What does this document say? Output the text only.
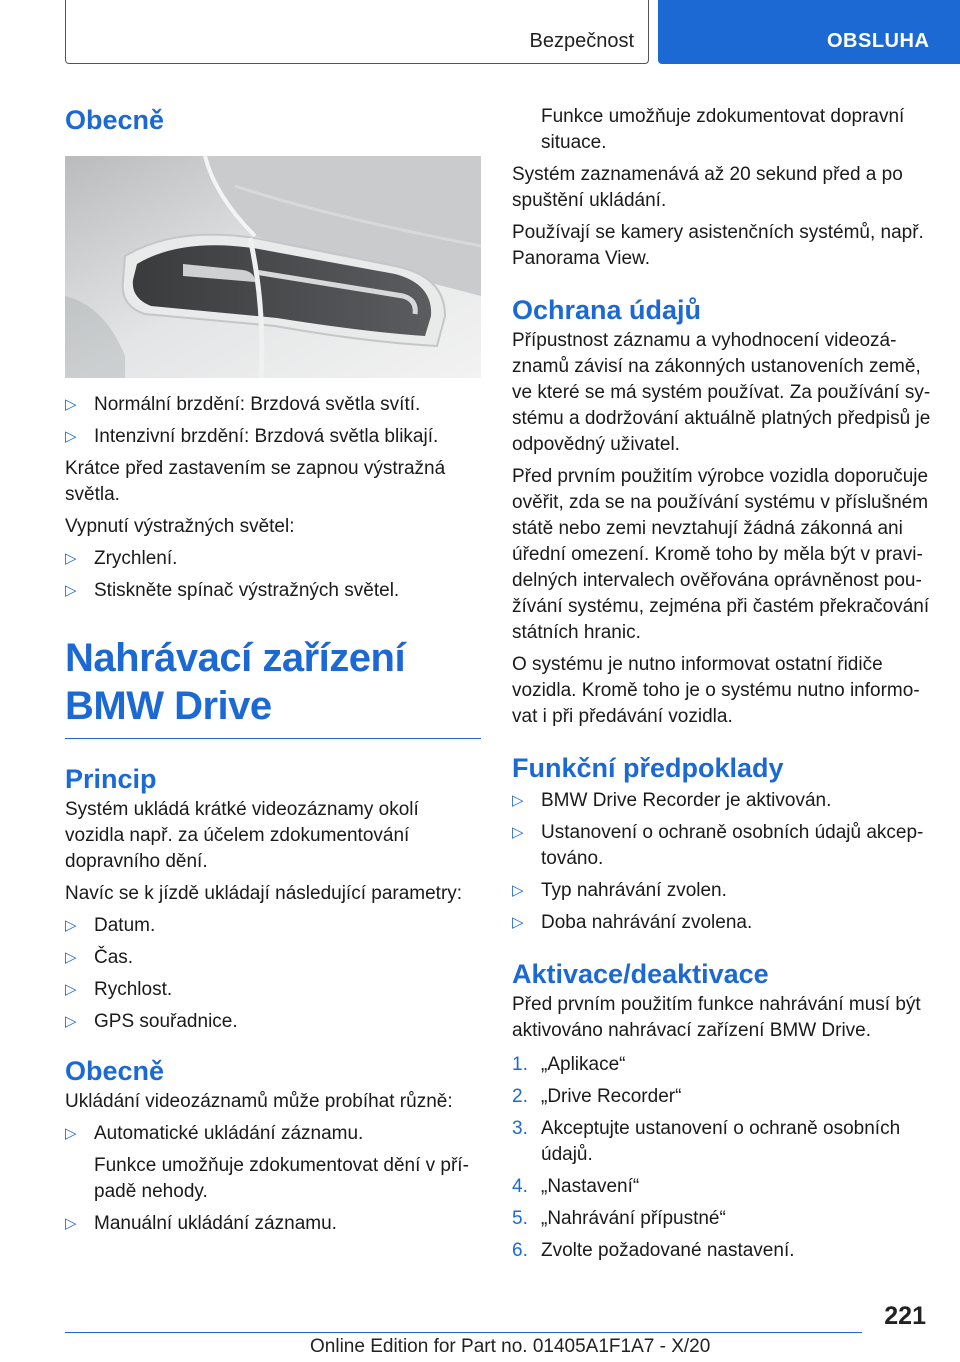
Bezpečnost	OBSLUHA
Obecně
▷ Normální brzdění: Brzdová světla svítí.
▷ Intenzivní brzdění: Brzdová světla blikají.

Krátce před zastavením se zapnou výstražná světla.

Vypnutí výstražných světel:

▷ Zrychlení.
▷ Stiskněte spínač výstražných světel.
Nahrávací zařízení BMW Drive
Princip

Systém ukládá krátké videozáznamy okolí vozidla např. za účelem zdokumentování dopravního dění.

Navíc se k jízdě ukládají následující parametry:

▷ Datum.
▷ Čas.
▷ Rychlost.
▷ GPS souřadnice.
Obecně

Ukládání videozáznamů může probíhat různě:

▷ Automatické ukládání záznamu.

Funkce umožňuje zdokumentovat dění v případě nehody.

▷ Manuální ukládání záznamu.

Funkce umožňuje zdokumentovat dopravní situace.

Systém zaznamenává až 20 sekund před a po spuštění ukládání.

Používají se kamery asistenčních systémů, např. Panorama View.

Ochrana údajů

Přípustnost záznamu a vyhodnocení videozáznamů závisí na zákonných ustanoveních země, ve které se má systém používat. Za používání systému a dodržování aktuálně platných předpisů je odpovědný uživatel.

Před prvním použitím výrobce vozidla doporučuje ověřit, zda se na používání systému v příslušném státě nebo zemi nevztahují žádná zákonná ani úřední omezení. Kromě toho by měla být v pravidelných intervalech ověřována oprávněnost používání systému, zejména při častém překračování státních hranic.

O systému je nutno informovat ostatní řidiče vozidla. Kromě toho je o systému nutno informovat i při předávání vozidla.

Funkční předpoklady
▷ BMW Drive Recorder je aktivován.
▷ Ustanovení o ochraně osobních údajů akceptováno.
▷ Typ nahrávání zvolen.
▷ Doba nahrávání zvolena.
Aktivace/deaktivace

Před prvním použitím funkce nahrávání musí být aktivováno nahrávací zařízení BMW Drive.

1. „Aplikace“
2. „Drive Recorder“
3. Akceptujte ustanovení o ochraně osobních údajů.
4. „Nastavení“
5. „Nahrávání přípustné“
6. Zvolte požadované nastavení.
221
Online Edition for Part no. 01405A1F1A7 - X/20
